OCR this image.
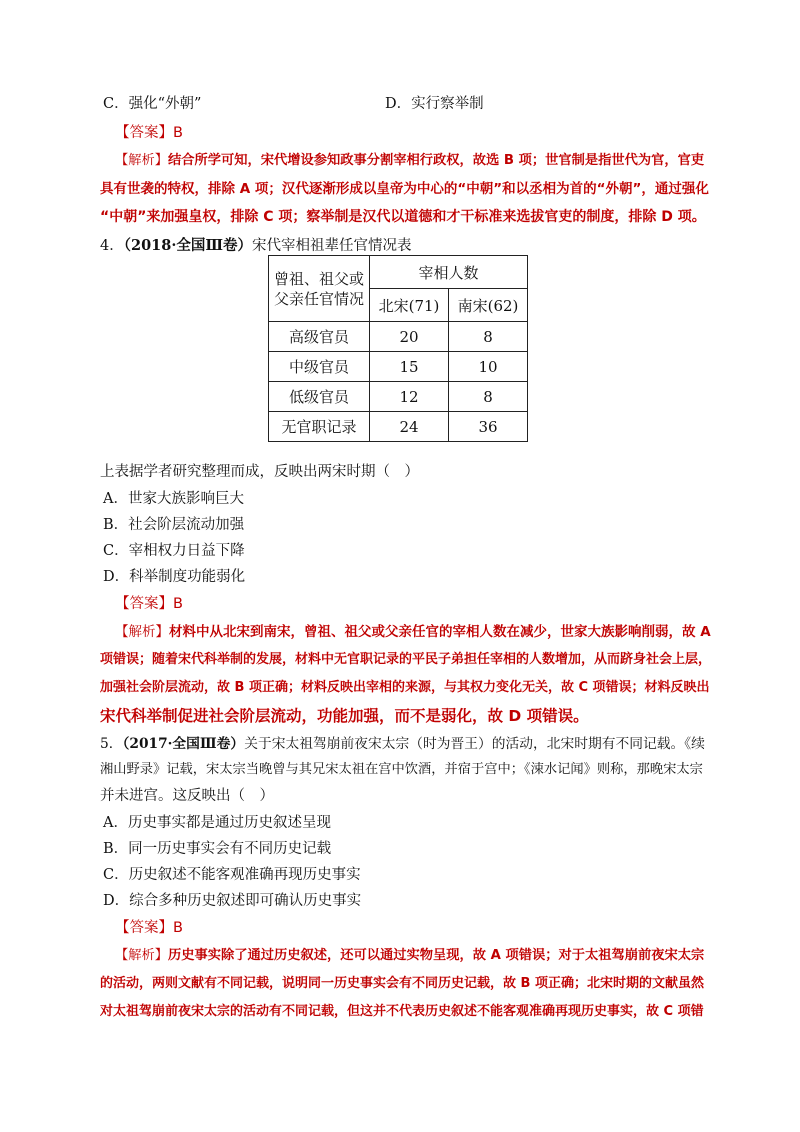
C．强化“外朝”	D．实行察举制
【答案】B
【解析】结合所学可知，宋代增设参知政事分割宰相行政权，故选 B 项；世官制是指世代为官，官吏
具有世袭的特权，排除 A 项；汉代逐渐形成以皇帝为中心的“中朝”和以丞相为首的“外朝”，通过强化
“中朝”来加强皇权，排除 C 项；察举制是汉代以道德和才干标准来选拔官吏的制度，排除 D 项。
4．（2018·全国Ⅲ卷）宋代宰相祖辈任官情况表
曾祖、祖父或
父亲任官情况	宰相人数	
	北宋(71)	南宋(62)
高级官员	20	8
中级官员	15	10
低级官员	12	8
无官职记录	24	36
上表据学者研究整理而成，反映出两宋时期（　）
A．世家大族影响巨大
B．社会阶层流动加强
C．宰相权力日益下降
D．科举制度功能弱化
【答案】B
【解析】材料中从北宋到南宋，曾祖、祖父或父亲任官的宰相人数在减少，世家大族影响削弱，故 A
项错误；随着宋代科举制的发展，材料中无官职记录的平民子弟担任宰相的人数增加，从而跻身社会上层，
加强社会阶层流动，故 B 项正确；材料反映出宰相的来源，与其权力变化无关，故 C 项错误；材料反映出
宋代科举制促进社会阶层流动，功能加强，而不是弱化，故 D 项错误。
5．（2017·全国Ⅲ卷）关于宋太祖驾崩前夜宋太宗（时为晋王）的活动，北宋时期有不同记载。《续
湘山野录》记载，宋太宗当晚曾与其兄宋太祖在宫中饮酒，并宿于宫中；《涑水记闻》则称，那晚宋太宗
并未进宫。这反映出（　）
A．历史事实都是通过历史叙述呈现
B．同一历史事实会有不同历史记载
C．历史叙述不能客观准确再现历史事实
D．综合多种历史叙述即可确认历史事实
【答案】B
【解析】历史事实除了通过历史叙述，还可以通过实物呈现，故 A 项错误；对于太祖驾崩前夜宋太宗
的活动，两则文献有不同记载，说明同一历史事实会有不同历史记载，故 B 项正确；北宋时期的文献虽然
对太祖驾崩前夜宋太宗的活动有不同记载，但这并不代表历史叙述不能客观准确再现历史事实，故 C 项错
